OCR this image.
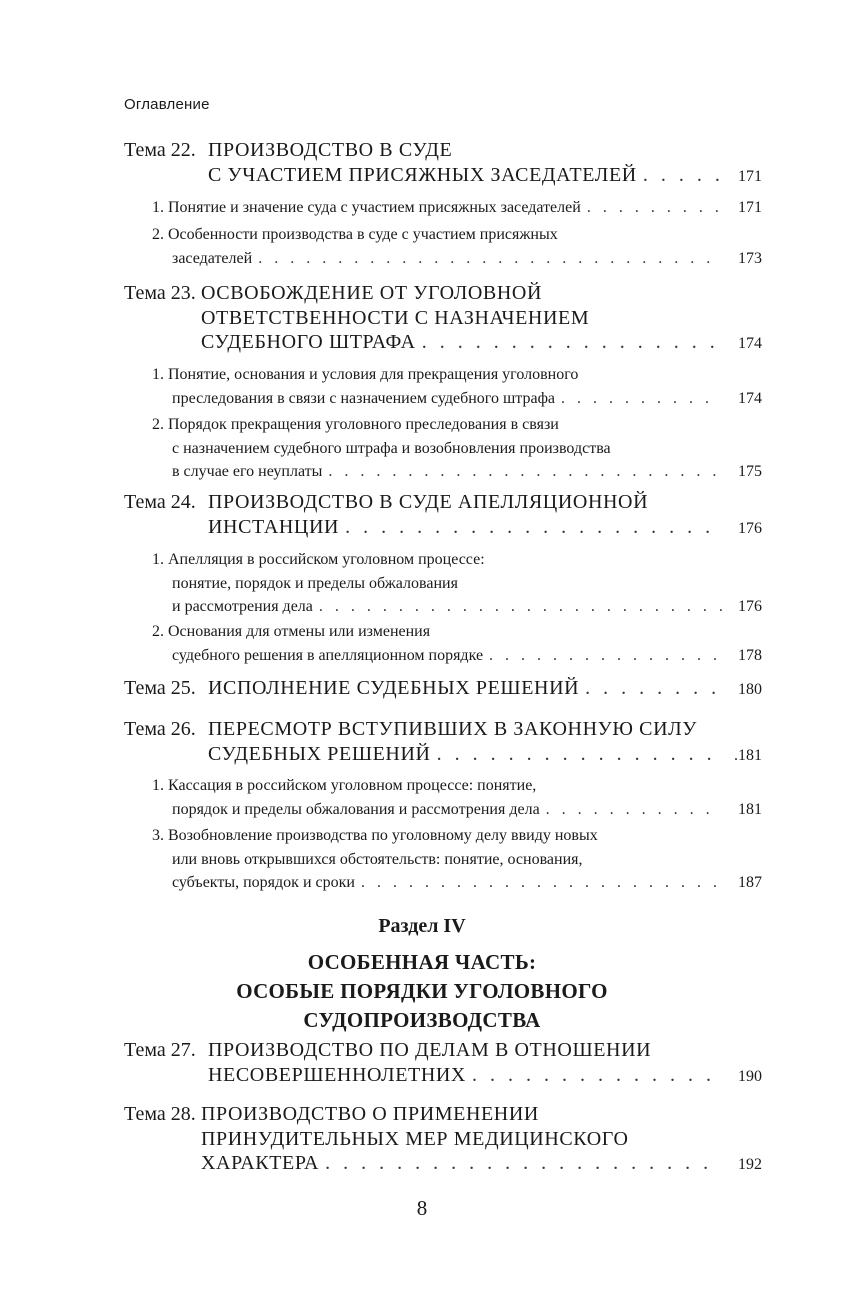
Оглавление
Тема 22. ПРОИЗВОДСТВО В СУДЕ
С УЧАСТИЕМ ПРИСЯЖНЫХ ЗАСЕДАТЕЛЕЙ . . .	171
1. Понятие и значение суда с участием присяжных заседателей . . .	171
2. Особенности производства в суде с участием присяжных
заседателей . . .	173
Тема 23. ОСВОБОЖДЕНИЕ ОТ УГОЛОВНОЙ
ОТВЕТСТВЕННОСТИ С НАЗНАЧЕНИЕМ
СУДЕБНОГО ШТРАФА . . .	174
1. Понятие, основания и условия для прекращения уголовного
преследования в связи с назначением судебного штрафа . . .	174
2. Порядок прекращения уголовного преследования в связи
с назначением судебного штрафа и возобновления производства
в случае его неуплаты . . .	175
Тема 24. ПРОИЗВОДСТВО В СУДЕ АПЕЛЛЯЦИОННОЙ
ИНСТАНЦИИ . . .	176
1. Апелляция в российском уголовном процессе:
понятие, порядок и пределы обжалования
и рассмотрения дела . . .	176
2. Основания для отмены или изменения
судебного решения в апелляционном порядке . . .	178
Тема 25. ИСПОЛНЕНИЕ СУДЕБНЫХ РЕШЕНИЙ . . .	180
Тема 26. ПЕРЕСМОТР ВСТУПИВШИХ В ЗАКОННУЮ СИЛУ
СУДЕБНЫХ РЕШЕНИЙ . . .	.181
1. Кассация в российском уголовном процессе: понятие,
порядок и пределы обжалования и рассмотрения дела . . .	181
3. Возобновление производства по уголовному делу ввиду новых
или вновь открывшихся обстоятельств: понятие, основания,
субъекты, порядок и сроки . . .	187
Раздел IV
ОСОБЕННАЯ ЧАСТЬ:
ОСОБЫЕ ПОРЯДКИ УГОЛОВНОГО
СУДОПРОИЗВОДСТВА
Тема 27. ПРОИЗВОДСТВО ПО ДЕЛАМ В ОТНОШЕНИИ
НЕСОВЕРШЕННОЛЕТНИХ . . .	190
Тема 28. ПРОИЗВОДСТВО О ПРИМЕНЕНИИ
ПРИНУДИТЕЛЬНЫХ МЕР МЕДИЦИНСКОГО
ХАРАКТЕРА . . .	192
8
